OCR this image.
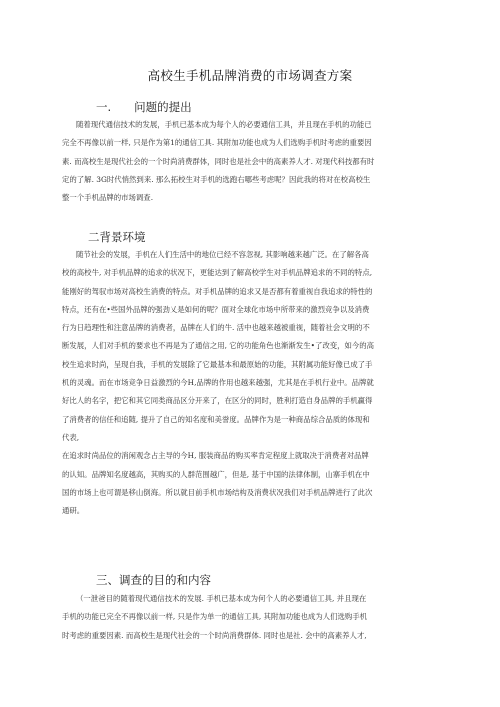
高校生手机品牌消费的市场调查方案
一.　　问题的提出
随着现代通信技术的发展，手机已基本成为每个人的必要通信工具，并且现在手机的功能已
完全不再像以前一样, 只是作为第1的通信工具. 其附加功能也成为人们选购手机时考虑的重要因
素. 而高校生是现代社会的一个时尚消费群体，同时也是社会中的高素养人才. 对现代科技都有时
定的了解. 3G时代悄然到来. 那么拓校生对手机的选跑右哪些考虑呢？因此我的将对在校高校生
整一个手机品牌的市场调查.
二背景环境
随节社会的发展，手机在人们生活中的地位已经不容忽视, 其影响越来越广泛。在了解各高
校的高校牛, 对手机品牌的追求的状况下，更能达到了解高校学生对手机品牌追求的不同的特点,
能刚好的驾驭市场对高校生消费的特点。对手机品牌的追求又是否都有着重视自我追求的特性的
特点，还有在•些国外品牌的强劲乂是如何的呢？面对全球化市场中所带来的激烈竞争以及消费
行为日趋理性和注意品牌的消费者，品牌在人们的牛. 活中也越来越被重视，随着社会文明的不
断发展，人们对手机的要求也不再是为了通信之用, 它的功能角色也渐渐发生•了改变，如今的高
校生追求时尚，呈现自我，手机的发展除了它最基本和最原始的功能，其附属功能好像已成了手
机的灵魂。而在市场竞争日益激烈的今H,品牌的作用也越来越强，尤其是在手机行业中。品牌就
好比人的名字，把它和其它同类商品区分开来了，在区分的同时，胜利打造自身品牌的手机赢得
了消费者的信任和追随, 提升了自己的知名度和美誉度。品牌作为是一种商品综合品质的体现和
代表,
在追求时尚品位的消闲观念占主导的今H, 服装商品的购买率肯定程度上就取决于消费者对品牌
的认知。品牌知名度越高，其购买的人群范围越广，但是, 基于中国的法律体制，山寨手机在中
国的市场上也可谓是移山倒海。所以就目前手机市场结构及消费状况我们对手机品牌进行了此次
通研。
三、调查的目的和内容
（一泄爸目的随着现代通信技术的发展. 手机已基本成为何个人的必要通信工具, 并且现在
手机的功能已完全不再像以前一样, 只是作为单一的通信工具, 其附加功能也成为人们选购手机
时考虑的重要因素. 而高校生是现代社会的一个时尚消费群体. 同时也是社. 会中的高素养人才,
